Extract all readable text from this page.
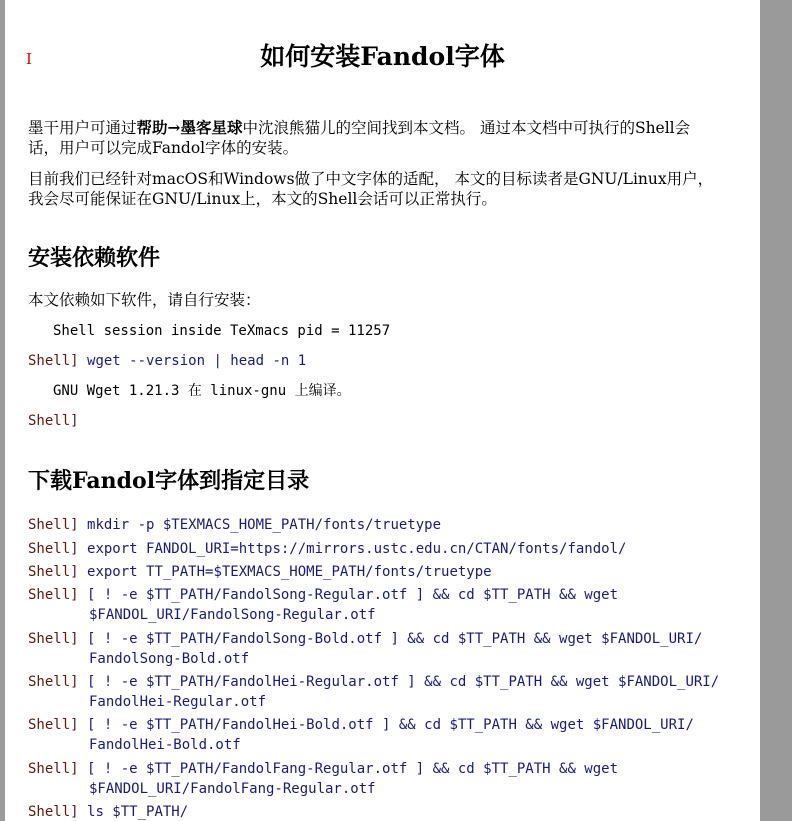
I	如何安装Fandol字体
墨干用户可通过帮助→墨客星球中沈浪熊猫儿的空间找到本文档。 通过本文档中可执行的Shell会
话，用户可以完成Fandol字体的安装。
目前我们已经针对macOS和Windows做了中文字体的适配， 本文的目标读者是GNU/Linux用户，
我会尽可能保证在GNU/Linux上，本文的Shell会话可以正常执行。
安装依赖软件
本文依赖如下软件，请自行安装：
Shell session inside TeXmacs pid = 11257
Shell] wget --version | head -n 1
GNU Wget 1.21.3 在 linux-gnu 上编译。
Shell]
下载Fandol字体到指定目录
Shell] mkdir -p $TEXMACS_HOME_PATH/fonts/truetype
Shell] export FANDOL_URI=https://mirrors.ustc.edu.cn/CTAN/fonts/fandol/
Shell] export TT_PATH=$TEXMACS_HOME_PATH/fonts/truetype
Shell] [ ! -e $TT_PATH/FandolSong-Regular.otf ] && cd $TT_PATH && wget
$FANDOL_URI/FandolSong-Regular.otf
Shell] [ ! -e $TT_PATH/FandolSong-Bold.otf ] && cd $TT_PATH && wget $FANDOL_URI/
FandolSong-Bold.otf
Shell] [ ! -e $TT_PATH/FandolHei-Regular.otf ] && cd $TT_PATH && wget $FANDOL_URI/
FandolHei-Regular.otf
Shell] [ ! -e $TT_PATH/FandolHei-Bold.otf ] && cd $TT_PATH && wget $FANDOL_URI/
FandolHei-Bold.otf
Shell] [ ! -e $TT_PATH/FandolFang-Regular.otf ] && cd $TT_PATH && wget
$FANDOL_URI/FandolFang-Regular.otf
Shell] ls $TT_PATH/
